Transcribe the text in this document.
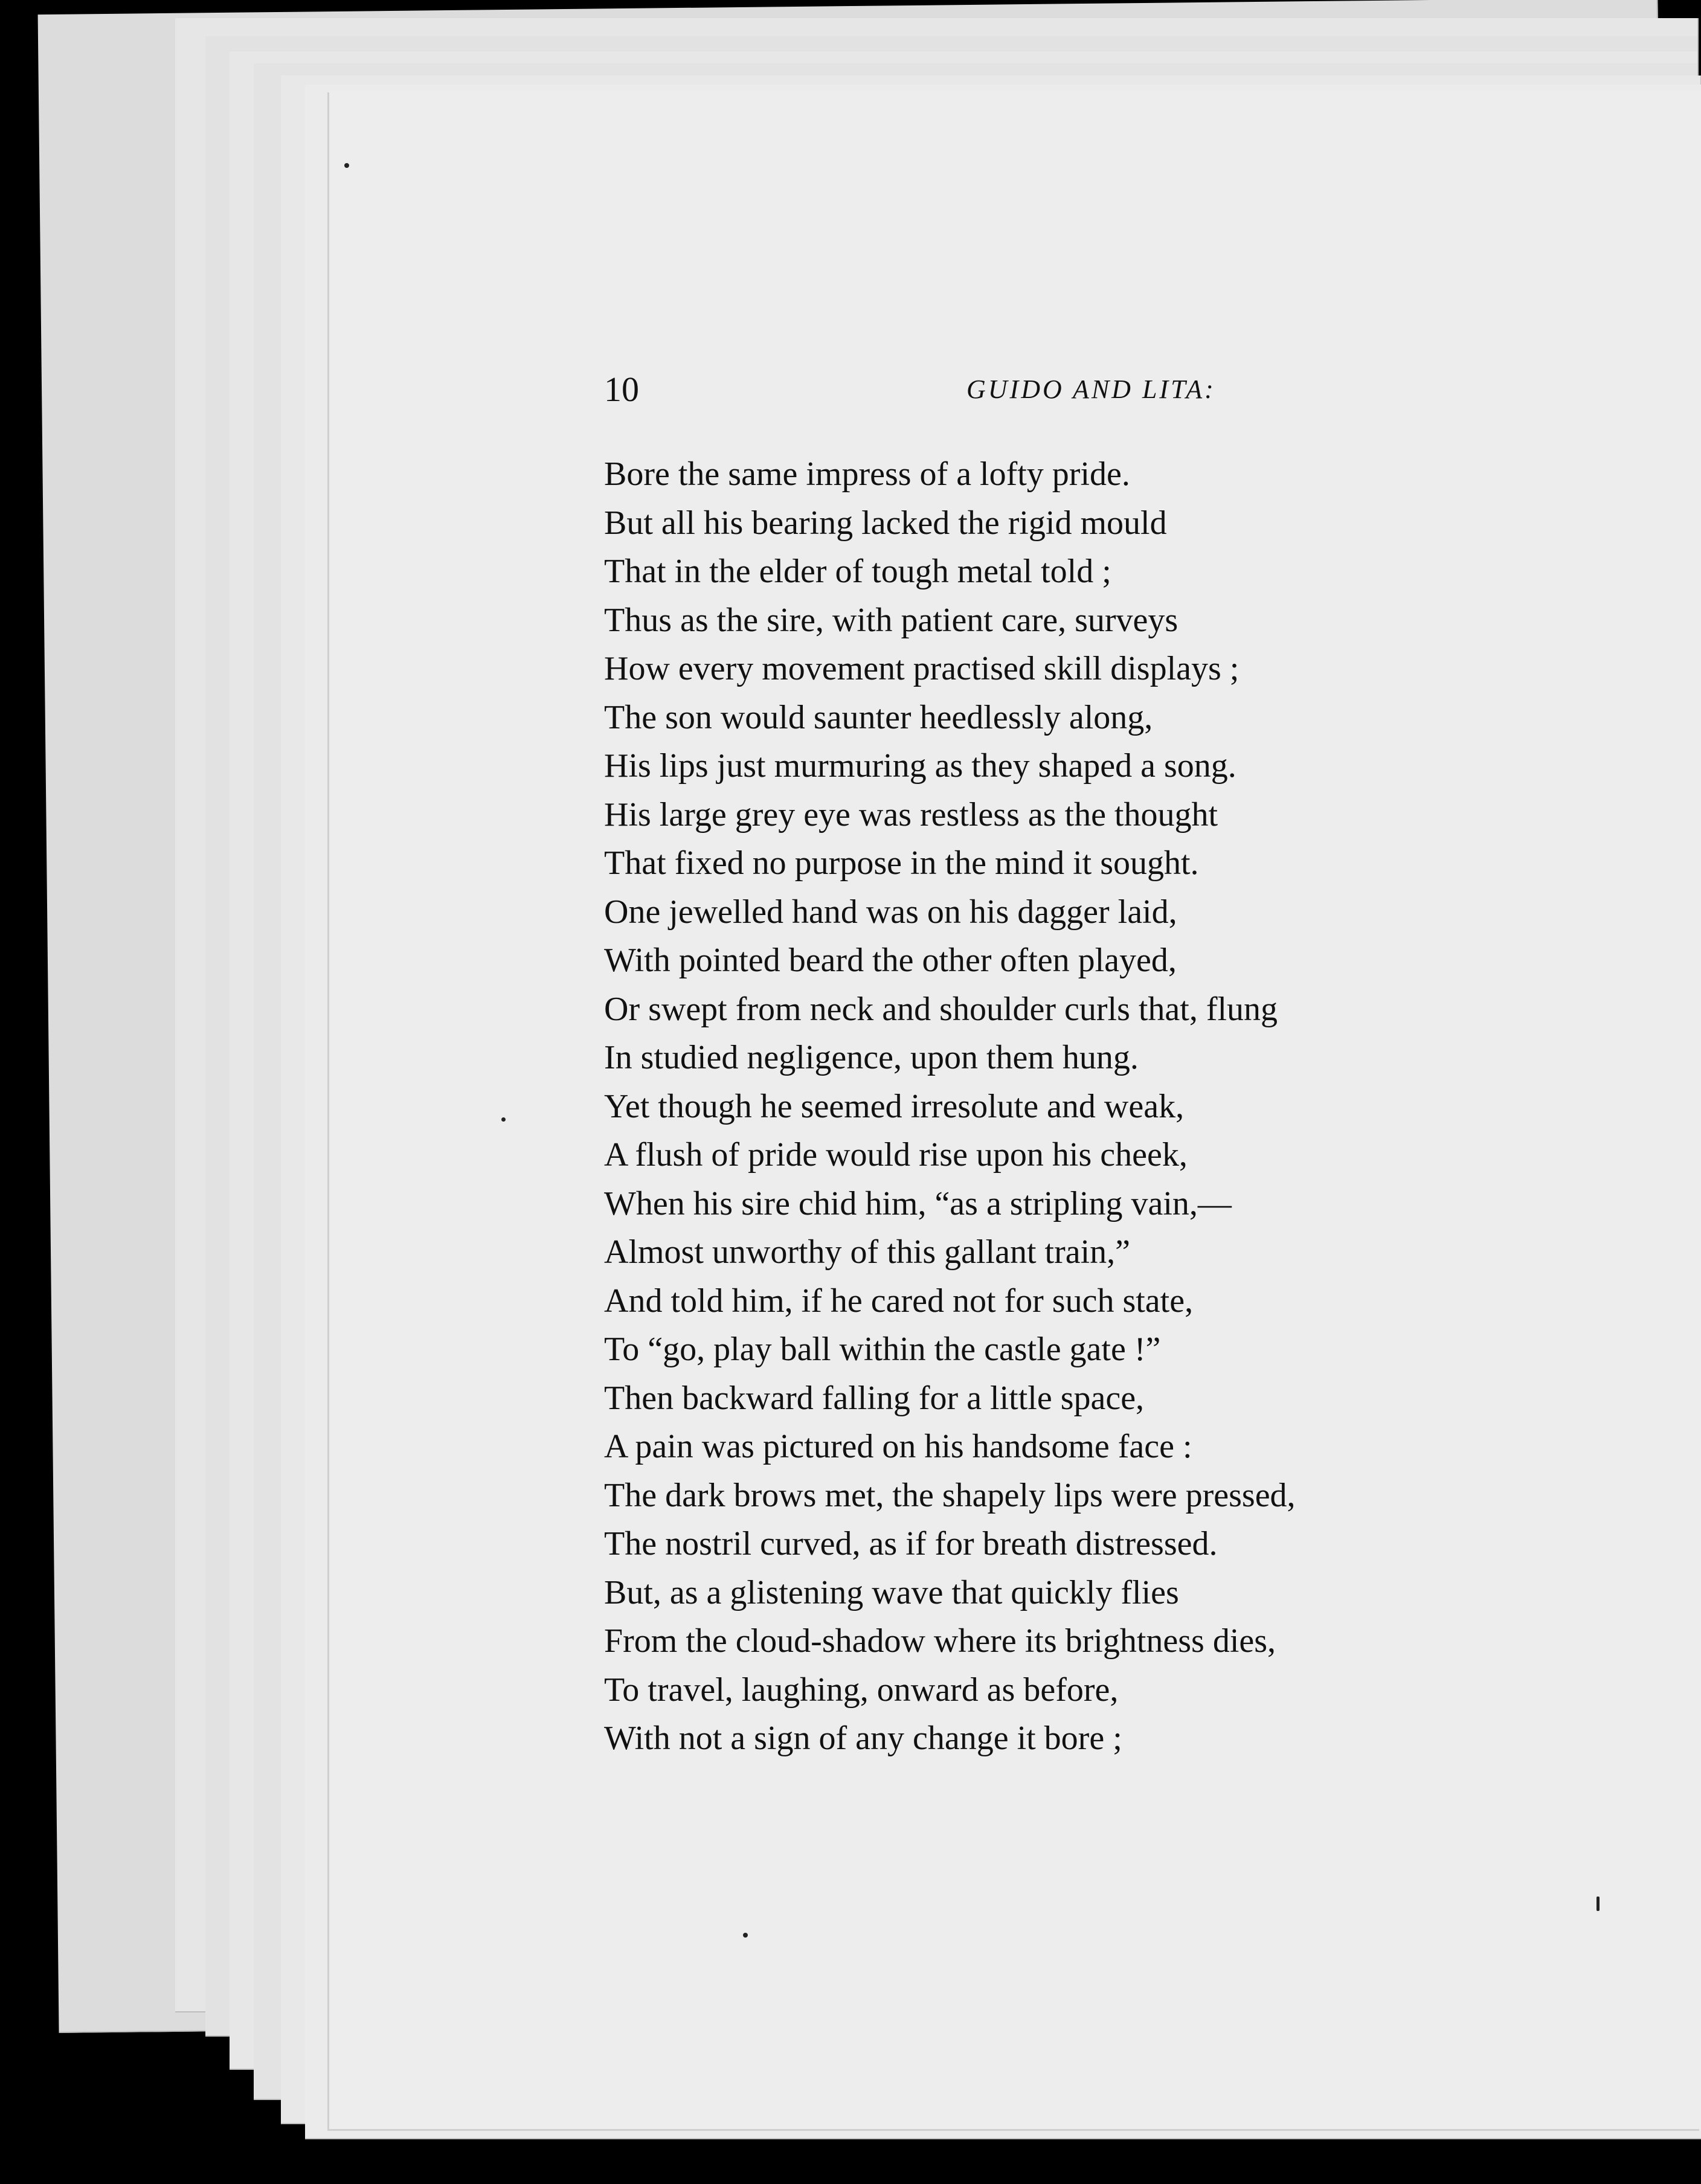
10	GUIDO AND LITA:
Bore the same impress of a lofty pride.
But all his bearing lacked the rigid mould
That in the elder of tough metal told ;
Thus as the sire, with patient care, surveys
How every movement practised skill displays ;
The son would saunter heedlessly along,
His lips just murmuring as they shaped a song.
His large grey eye was restless as the thought
That fixed no purpose in the mind it sought.
One jewelled hand was on his dagger laid,
With pointed beard the other often played,
Or swept from neck and shoulder curls that, flung
In studied negligence, upon them hung.
Yet though he seemed irresolute and weak,
A flush of pride would rise upon his cheek,
When his sire chid him, “as a stripling vain,—
Almost unworthy of this gallant train,”
And told him, if he cared not for such state,
To “go, play ball within the castle gate !”
Then backward falling for a little space,
A pain was pictured on his handsome face :
The dark brows met, the shapely lips were pressed,
The nostril curved, as if for breath distressed.
But, as a glistening wave that quickly flies
From the cloud-shadow where its brightness dies,
To travel, laughing, onward as before,
With not a sign of any change it bore ;
